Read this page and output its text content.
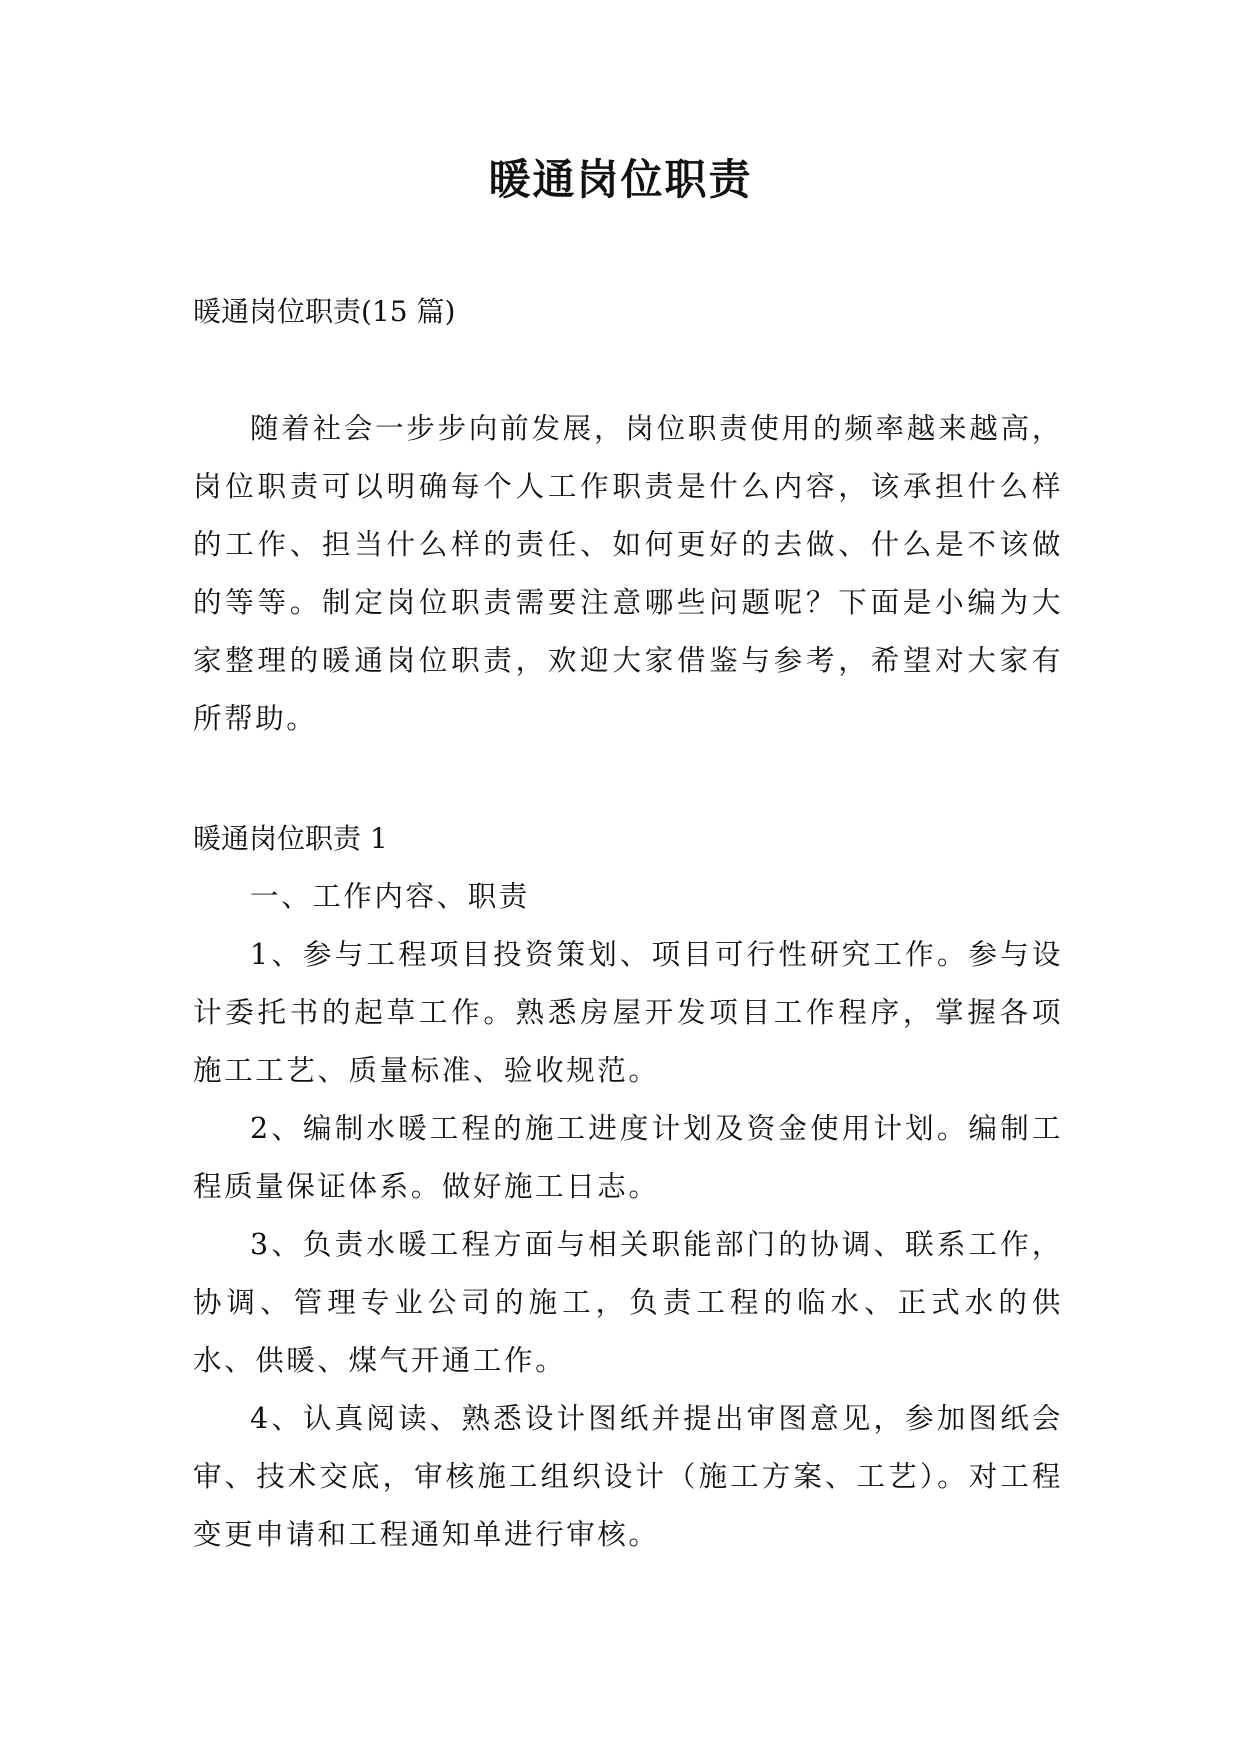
暖通岗位职责
暖通岗位职责(15 篇)

随着社会一步步向前发展，岗位职责使用的频率越来越高，岗位职责可以明确每个人工作职责是什么内容，该承担什么样的工作、担当什么样的责任、如何更好的去做、什么是不该做的等等。制定岗位职责需要注意哪些问题呢？下面是小编为大家整理的暖通岗位职责，欢迎大家借鉴与参考，希望对大家有所帮助。

暖通岗位职责 1

一、工作内容、职责

1、参与工程项目投资策划、项目可行性研究工作。参与设计委托书的起草工作。熟悉房屋开发项目工作程序，掌握各项施工工艺、质量标准、验收规范。

2、编制水暖工程的施工进度计划及资金使用计划。编制工程质量保证体系。做好施工日志。

3、负责水暖工程方面与相关职能部门的协调、联系工作，协调、管理专业公司的施工，负责工程的临水、正式水的供水、供暖、煤气开通工作。

4、认真阅读、熟悉设计图纸并提出审图意见，参加图纸会审、技术交底，审核施工组织设计（施工方案、工艺）。对工程变更申请和工程通知单进行审核。
